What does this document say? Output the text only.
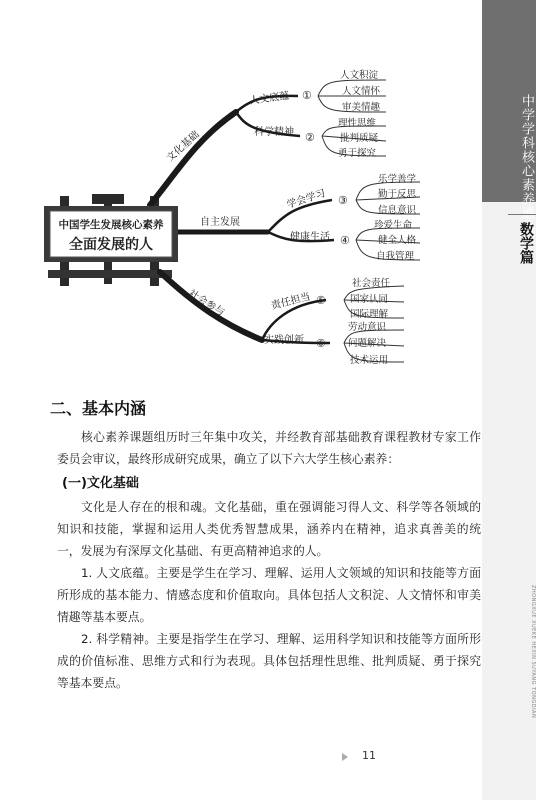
中学学科核心素养通典
数学篇
ZHONGXUE XUEKE HEXIN SUYANG TONGDIAN
中国学生发展核心素养
全面发展的人
文化基础
自主发展
社会参与
人文底蕴 ①
科学精神 ②
学会学习 ③
健康生活 ④
责任担当 ⑤
实践创新 ⑥
人文积淀
人文情怀
审美情趣
理性思维
批判质疑
勇于探究
乐学善学
勤于反思
信息意识
珍爱生命
健全人格
自我管理
社会责任
国家认同
国际理解
劳动意识
问题解决
技术运用
二、基本内涵
核心素养课题组历时三年集中攻关，并经教育部基础教育课程教材专家工作委员会审议，最终形成研究成果，确立了以下六大学生核心素养：
(一)文化基础
文化是人存在的根和魂。文化基础，重在强调能习得人文、科学等各领域的知识和技能，掌握和运用人类优秀智慧成果，涵养内在精神，追求真善美的统一，发展为有深厚文化基础、有更高精神追求的人。
1. 人文底蕴。主要是学生在学习、理解、运用人文领域的知识和技能等方面所形成的基本能力、情感态度和价值取向。具体包括人文积淀、人文情怀和审美情趣等基本要点。
2. 科学精神。主要是指学生在学习、理解、运用科学知识和技能等方面所形成的价值标准、思维方式和行为表现。具体包括理性思维、批判质疑、勇于探究等基本要点。
11
